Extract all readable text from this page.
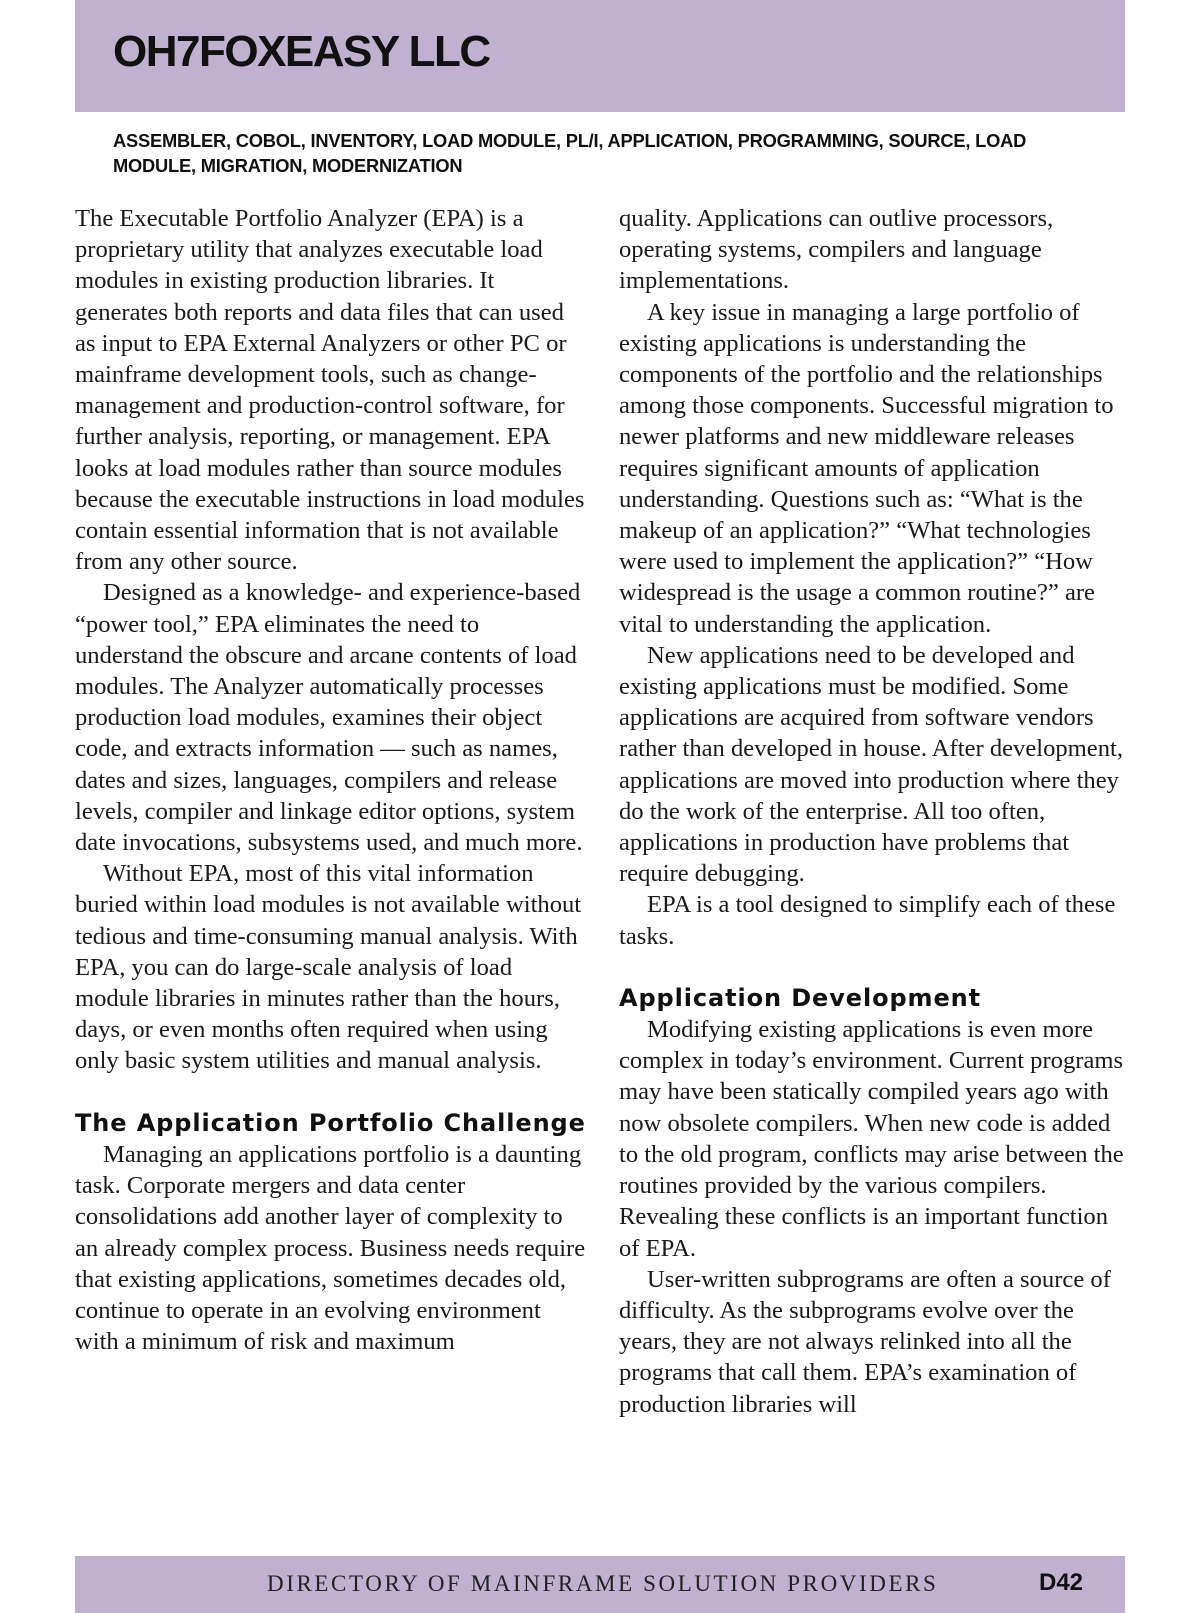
OH7FOXEASY LLC
ASSEMBLER, COBOL, INVENTORY, LOAD MODULE, PL/I, APPLICATION, PROGRAMMING, SOURCE, LOAD MODULE, MIGRATION, MODERNIZATION

The Executable Portfolio Analyzer (EPA) is a proprietary utility that analyzes executable load modules in existing production libraries. It generates both reports and data files that can used as input to EPA External Analyzers or other PC or mainframe development tools, such as change-management and production-control software, for further analysis, reporting, or management. EPA looks at load modules rather than source modules because the executable instructions in load modules contain essential information that is not available from any other source.

Designed as a knowledge- and experience-based “power tool,” EPA eliminates the need to understand the obscure and arcane contents of load modules. The Analyzer automatically processes production load modules, examines their object code, and extracts information — such as names, dates and sizes, languages, compilers and release levels, compiler and linkage editor options, system date invocations, subsystems used, and much more.

Without EPA, most of this vital information buried within load modules is not available without tedious and time-consuming manual analysis. With EPA, you can do large-scale analysis of load module libraries in minutes rather than the hours, days, or even months often required when using only basic system utilities and manual analysis.

The Application Portfolio Challenge

Managing an applications portfolio is a daunting task. Corporate mergers and data center consolidations add another layer of complexity to an already complex process. Business needs require that existing applications, sometimes decades old, continue to operate in an evolving environment with a minimum of risk and maximum

quality. Applications can outlive processors, operating systems, compilers and language implementations.

A key issue in managing a large portfolio of existing applications is understanding the components of the portfolio and the relationships among those components. Successful migration to newer platforms and new middleware releases requires significant amounts of application understanding. Questions such as: “What is the makeup of an application?” “What technologies were used to implement the application?” “How widespread is the usage a common routine?” are vital to understanding the application.

New applications need to be developed and existing applications must be modified. Some applications are acquired from software vendors rather than developed in house. After development, applications are moved into production where they do the work of the enterprise. All too often, applications in production have problems that require debugging.

EPA is a tool designed to simplify each of these tasks.

Application Development

Modifying existing applications is even more complex in today’s environment. Current programs may have been statically compiled years ago with now obsolete compilers. When new code is added to the old program, conflicts may arise between the routines provided by the various compilers. Revealing these conflicts is an important function of EPA.

User-written subprograms are often a source of difficulty. As the subprograms evolve over the years, they are not always relinked into all the programs that call them. EPA’s examination of production libraries will

DIRECTORY OF MAINFRAME SOLUTION PROVIDERS	D42
